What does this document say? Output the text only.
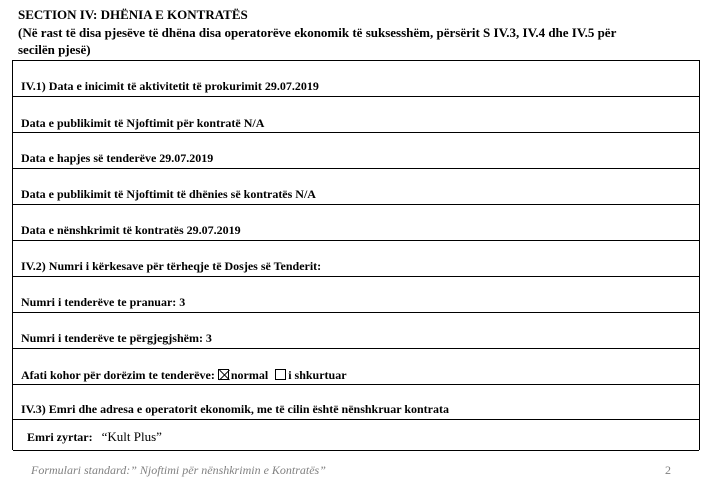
SECTION IV: DHËNIA E KONTRATËS
(Në rast të disa pjesëve të dhëna disa operatorëve ekonomik të suksesshëm, përsërit S IV.3, IV.4 dhe IV.5 për
secilën pjesë)
IV.1) Data e inicimit të aktivitetit të prokurimit 29.07.2019
Data e publikimit të Njoftimit për kontratë N/A
Data e hapjes së tenderëve 29.07.2019
Data e publikimit të Njoftimit të dhënies së kontratës N/A
Data e nënshkrimit të kontratës 29.07.2019
IV.2) Numri i kërkesave për tërheqje të Dosjes së Tenderit:
Numri i tenderëve te pranuar: 3
Numri i tenderëve te përgjegjshëm: 3
Afati kohor për dorëzim te tenderëve: normal i shkurtuar
IV.3) Emri dhe adresa e operatorit ekonomik, me të cilin është nënshkruar kontrata
Emri zyrtar: “Kult Plus”
Formulari standard:” Njoftimi për nënshkrimin e Kontratës”	2
